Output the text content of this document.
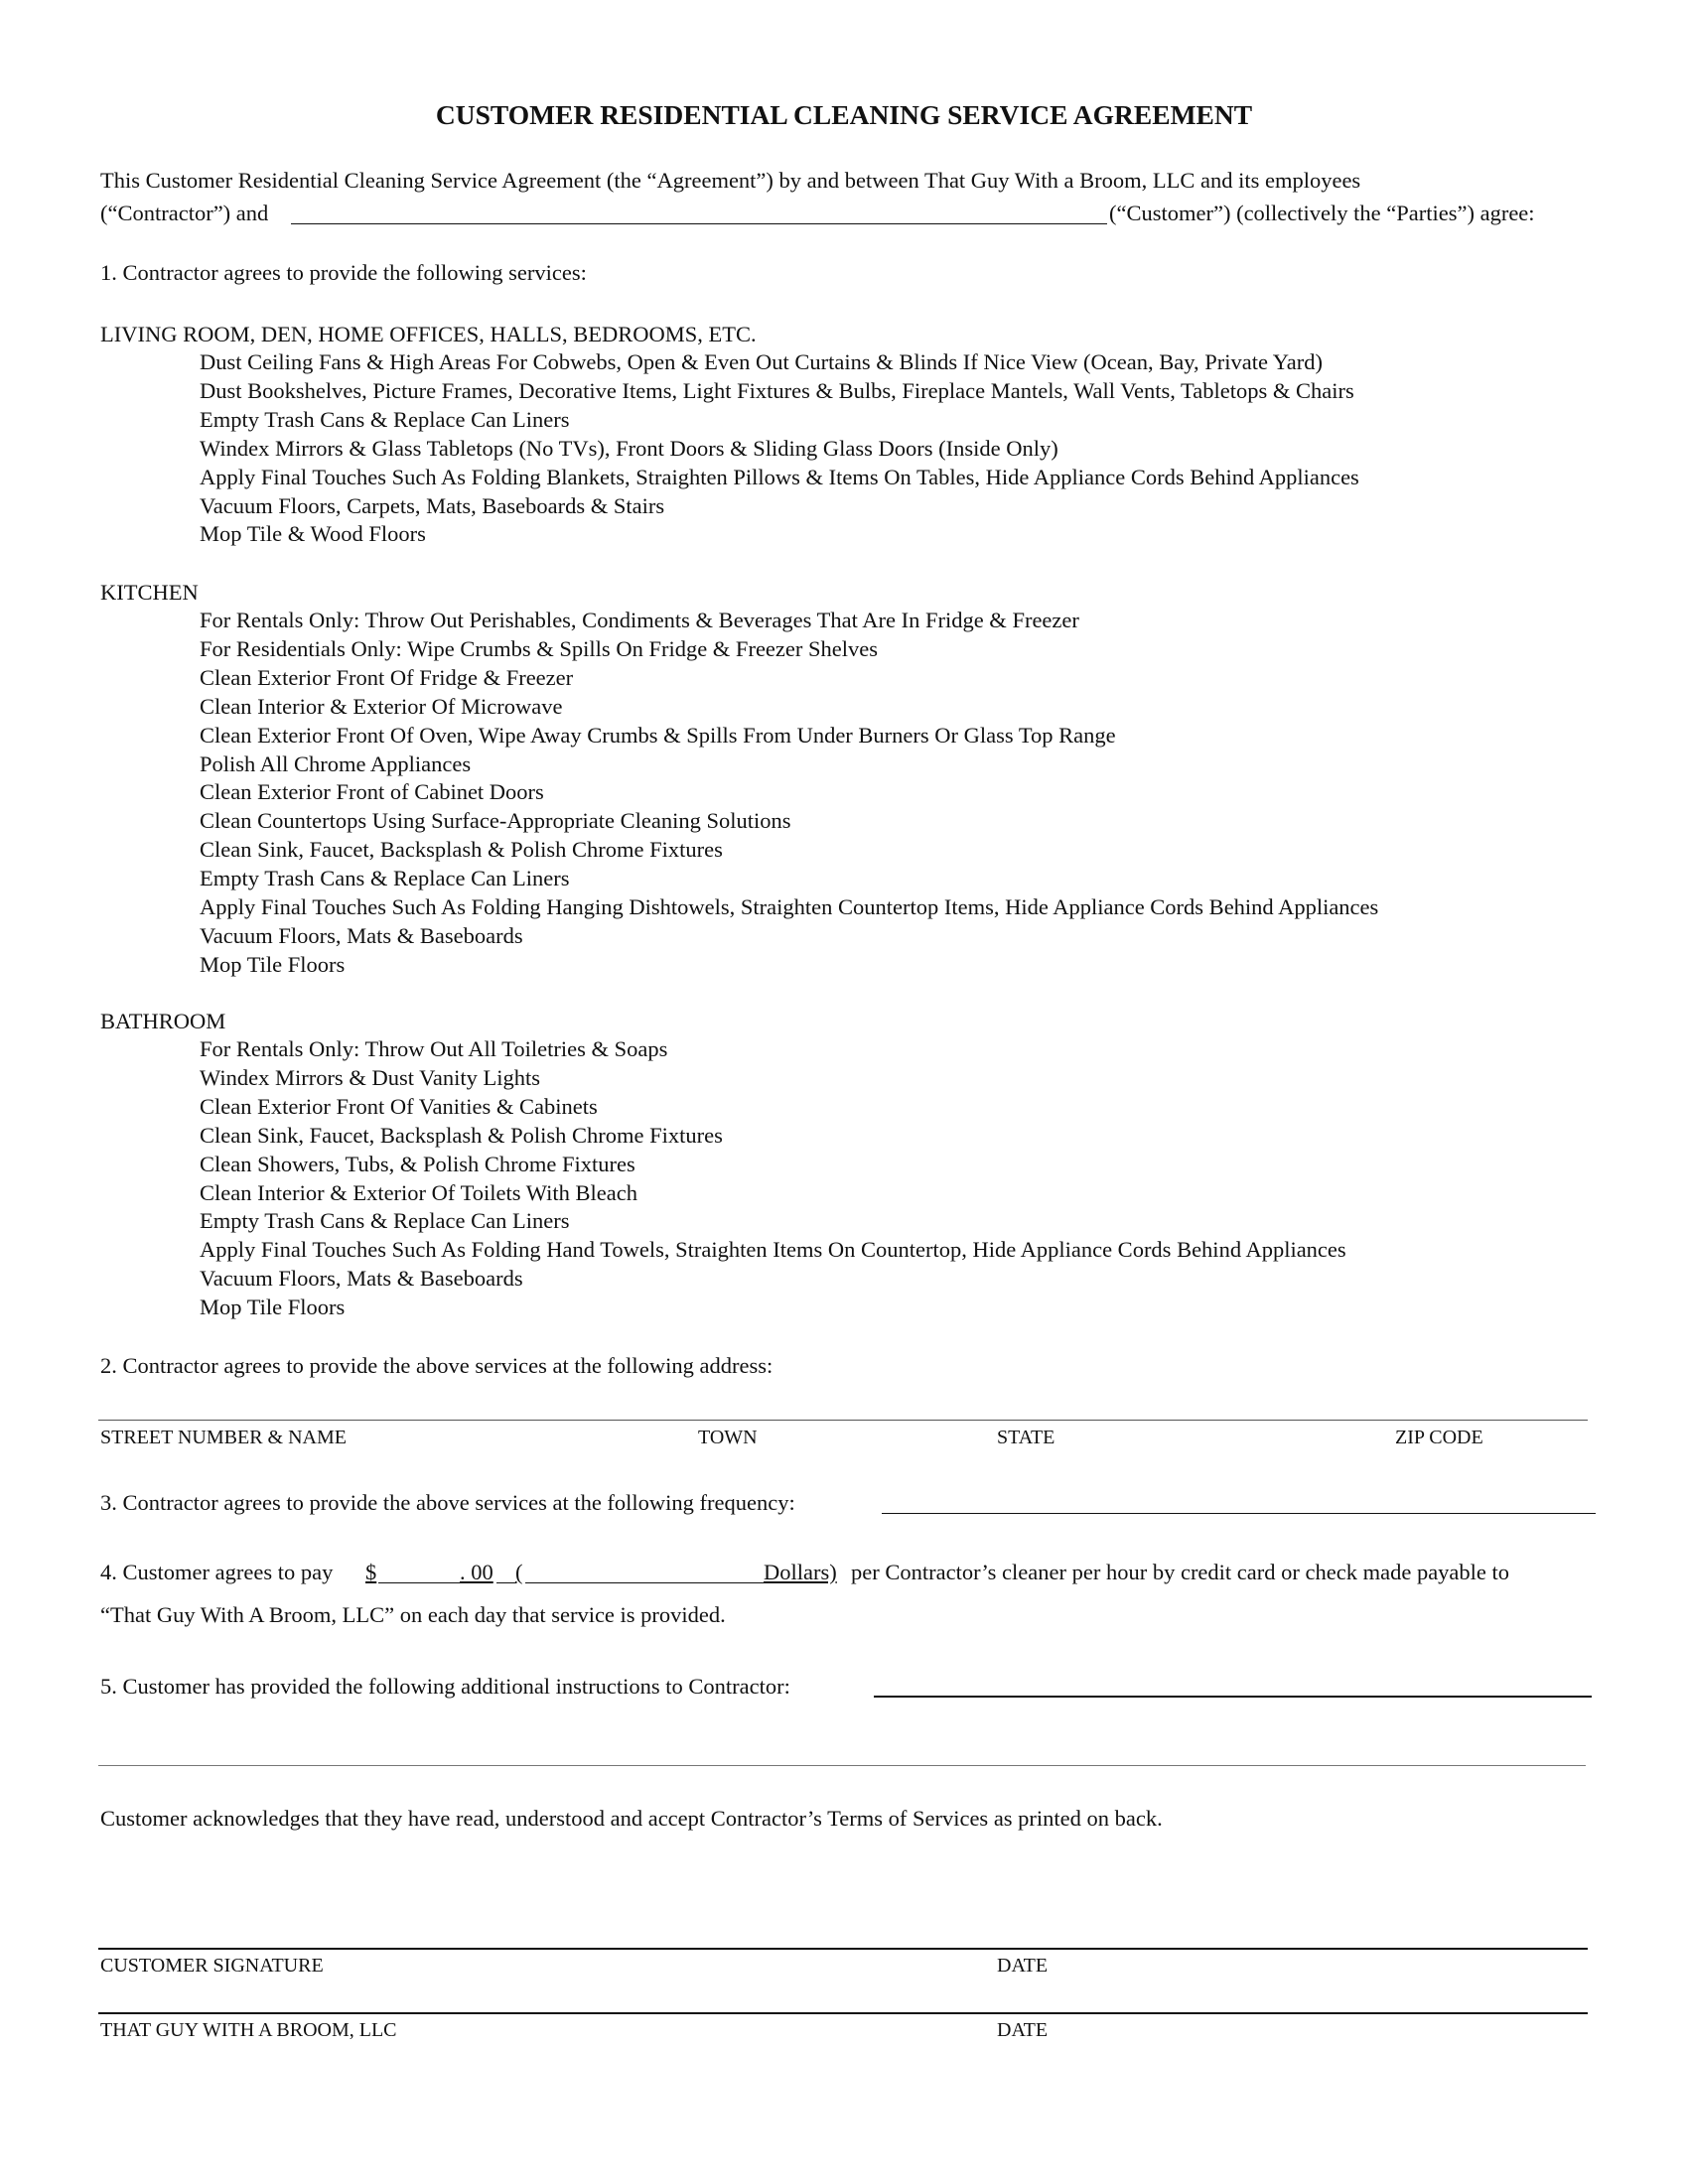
CUSTOMER RESIDENTIAL CLEANING SERVICE AGREEMENT
This Customer Residential Cleaning Service Agreement (the “Agreement”) by and between That Guy With a Broom, LLC and its employees
(“Contractor”) and	(“Customer”) (collectively the “Parties”) agree:
1. Contractor agrees to provide the following services:
LIVING ROOM, DEN, HOME OFFICES, HALLS, BEDROOMS, ETC.
Dust Ceiling Fans & High Areas For Cobwebs, Open & Even Out Curtains & Blinds If Nice View (Ocean, Bay, Private Yard)
Dust Bookshelves, Picture Frames, Decorative Items, Light Fixtures & Bulbs, Fireplace Mantels, Wall Vents, Tabletops & Chairs
Empty Trash Cans & Replace Can Liners
Windex Mirrors & Glass Tabletops (No TVs), Front Doors & Sliding Glass Doors (Inside Only)
Apply Final Touches Such As Folding Blankets, Straighten Pillows & Items On Tables, Hide Appliance Cords Behind Appliances
Vacuum Floors, Carpets, Mats, Baseboards & Stairs
Mop Tile & Wood Floors
KITCHEN
For Rentals Only: Throw Out Perishables, Condiments & Beverages That Are In Fridge & Freezer
For Residentials Only: Wipe Crumbs & Spills On Fridge & Freezer Shelves
Clean Exterior Front Of Fridge & Freezer
Clean Interior & Exterior Of Microwave
Clean Exterior Front Of Oven, Wipe Away Crumbs & Spills From Under Burners Or Glass Top Range
Polish All Chrome Appliances
Clean Exterior Front of Cabinet Doors
Clean Countertops Using Surface-Appropriate Cleaning Solutions
Clean Sink, Faucet, Backsplash & Polish Chrome Fixtures
Empty Trash Cans & Replace Can Liners
Apply Final Touches Such As Folding Hanging Dishtowels, Straighten Countertop Items, Hide Appliance Cords Behind Appliances
Vacuum Floors, Mats & Baseboards
Mop Tile Floors
BATHROOM
For Rentals Only: Throw Out All Toiletries & Soaps
Windex Mirrors & Dust Vanity Lights
Clean Exterior Front Of Vanities & Cabinets
Clean Sink, Faucet, Backsplash & Polish Chrome Fixtures
Clean Showers, Tubs, & Polish Chrome Fixtures
Clean Interior & Exterior Of Toilets With Bleach
Empty Trash Cans & Replace Can Liners
Apply Final Touches Such As Folding Hand Towels, Straighten Items On Countertop, Hide Appliance Cords Behind Appliances
Vacuum Floors, Mats & Baseboards
Mop Tile Floors
2. Contractor agrees to provide the above services at the following address:
STREET NUMBER & NAME	TOWN	STATE	ZIP CODE
3. Contractor agrees to provide the above services at the following frequency:
4. Customer agrees to pay $	. 00 (	Dollars) per Contractor’s cleaner per hour by credit card or check made payable to
“That Guy With A Broom, LLC” on each day that service is provided.
5. Customer has provided the following additional instructions to Contractor:
Customer acknowledges that they have read, understood and accept Contractor’s Terms of Services as printed on back.
CUSTOMER SIGNATURE	DATE
THAT GUY WITH A BROOM, LLC	DATE
